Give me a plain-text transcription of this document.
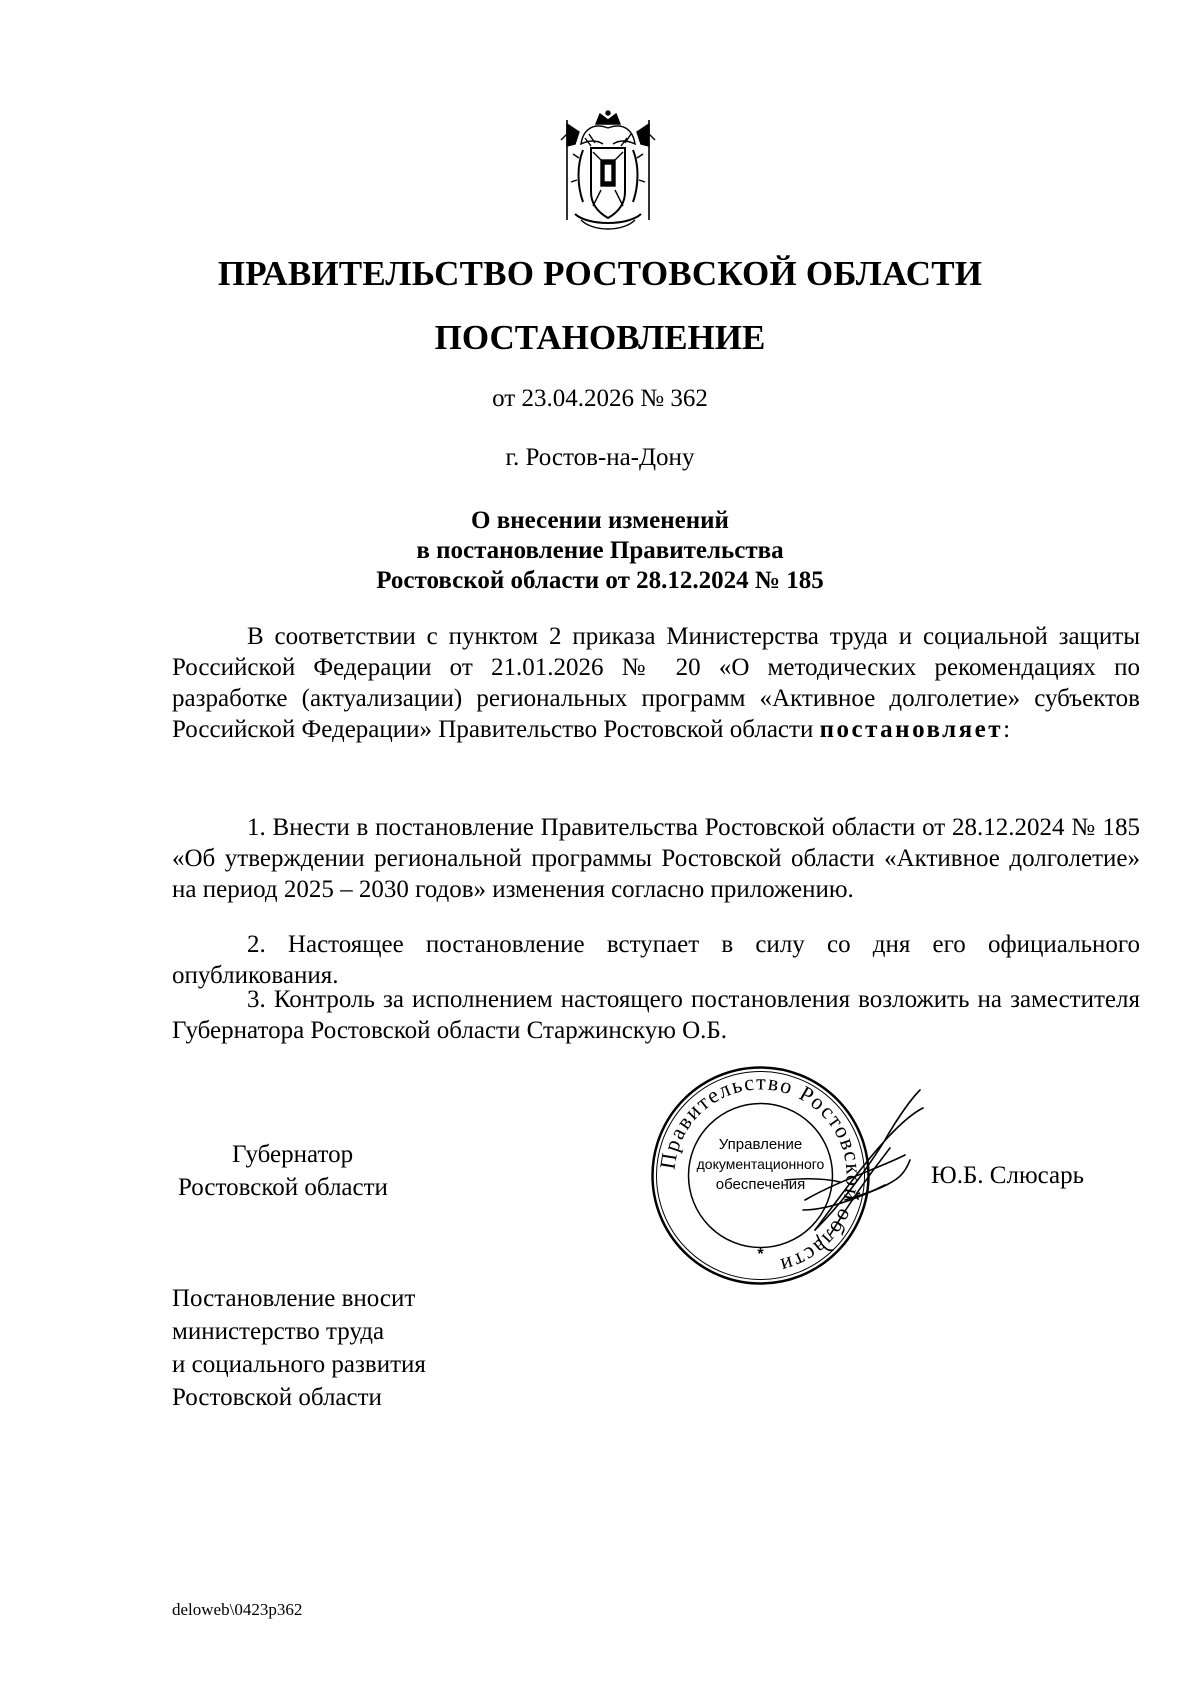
ПРАВИТЕЛЬСТВО РОСТОВСКОЙ ОБЛАСТИ
ПОСТАНОВЛЕНИЕ
от 23.04.2026 № 362
г. Ростов-на-Дону
О внесении изменений
в постановление Правительства
Ростовской области от 28.12.2024 № 185
В соответствии с пунктом 2 приказа Министерства труда и социальной защиты Российской Федерации от 21.01.2026 № 20 «О методических рекомендациях по разработке (актуализации) региональных программ «Активное долголетие» субъектов Российской Федерации» Правительство Ростовской области постановляет:
1. Внести в постановление Правительства Ростовской области от 28.12.2024 № 185 «Об утверждении региональной программы Ростовской области «Активное долголетие» на период 2025 – 2030 годов» изменения согласно приложению.
2. Настоящее постановление вступает в силу со дня его официального опубликования.
3. Контроль за исполнением настоящего постановления возложить на заместителя Губернатора Ростовской области Старжинскую О.Б.
Губернатор
Ростовской области
Правительство Ростовской области
Управление
документационного
обеспечения
*
Ю.Б. Слюсарь
Постановление вносит
министерство труда
и социального развития
Ростовской области
deloweb\0423p362
